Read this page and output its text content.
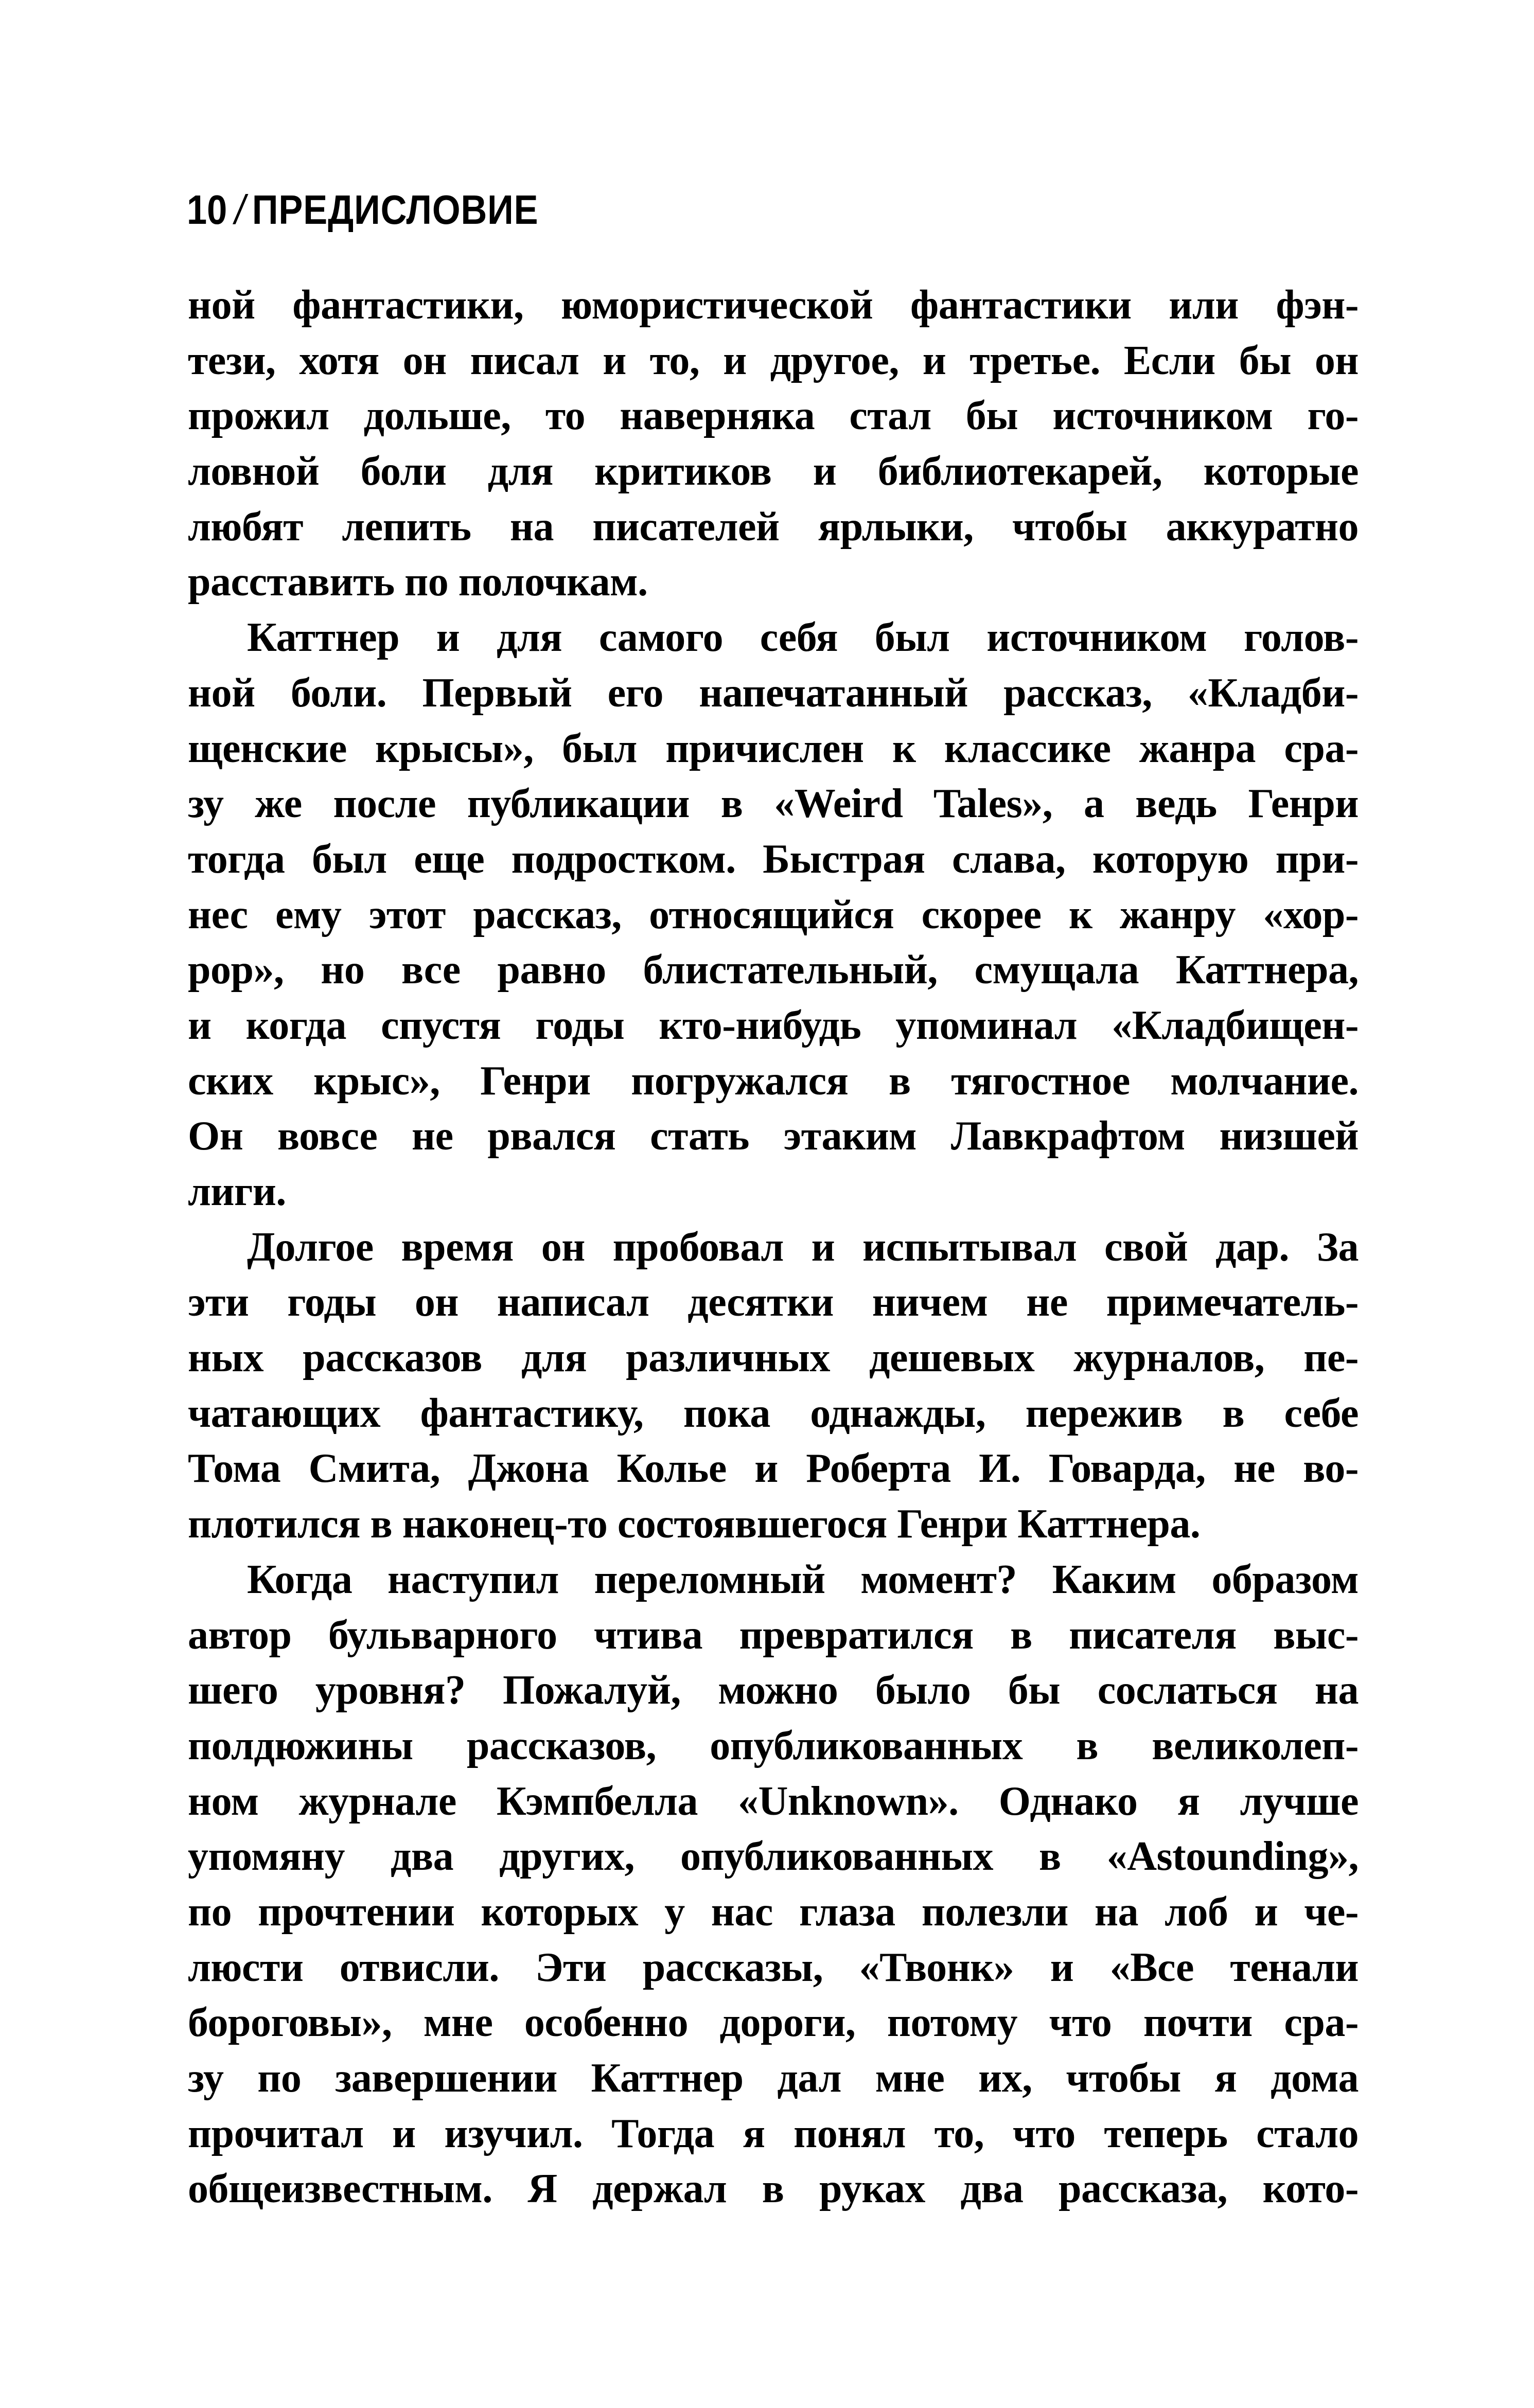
10/ПРЕДИСЛОВИЕ
ной фантастики, юмористической фантастики или фэн-
тези, хотя он писал и то, и другое, и третье. Если бы он
прожил дольше, то наверняка стал бы источником го-
ловной боли для критиков и библиотекарей, которые
любят лепить на писателей ярлыки, чтобы аккуратно
расставить по полочкам.
Каттнер и для самого себя был источником голов-
ной боли. Первый его напечатанный рассказ, «Кладби-
щенские крысы», был причислен к классике жанра сра-
зу же после публикации в «Weird Tales», а ведь Генри
тогда был еще подростком. Быстрая слава, которую при-
нес ему этот рассказ, относящийся скорее к жанру «хор-
рор», но все равно блистательный, смущала Каттнера,
и когда спустя годы кто-нибудь упоминал «Кладбищен-
ских крыс», Генри погружался в тягостное молчание.
Он вовсе не рвался стать этаким Лавкрафтом низшей
лиги.
Долгое время он пробовал и испытывал свой дар. За
эти годы он написал десятки ничем не примечатель-
ных рассказов для различных дешевых журналов, пе-
чатающих фантастику, пока однажды, пережив в себе
Тома Смита, Джона Колье и Роберта И. Говарда, не во-
плотился в наконец-то состоявшегося Генри Каттнера.
Когда наступил переломный момент? Каким образом
автор бульварного чтива превратился в писателя выс-
шего уровня? Пожалуй, можно было бы сослаться на
полдюжины рассказов, опубликованных в великолеп-
ном журнале Кэмпбелла «Unknown». Однако я лучше
упомяну два других, опубликованных в «Astounding»,
по прочтении которых у нас глаза полезли на лоб и че-
люсти отвисли. Эти рассказы, «Твонк» и «Все тенали
бороговы», мне особенно дороги, потому что почти сра-
зу по завершении Каттнер дал мне их, чтобы я дома
прочитал и изучил. Тогда я понял то, что теперь стало
общеизвестным. Я держал в руках два рассказа, кото-
